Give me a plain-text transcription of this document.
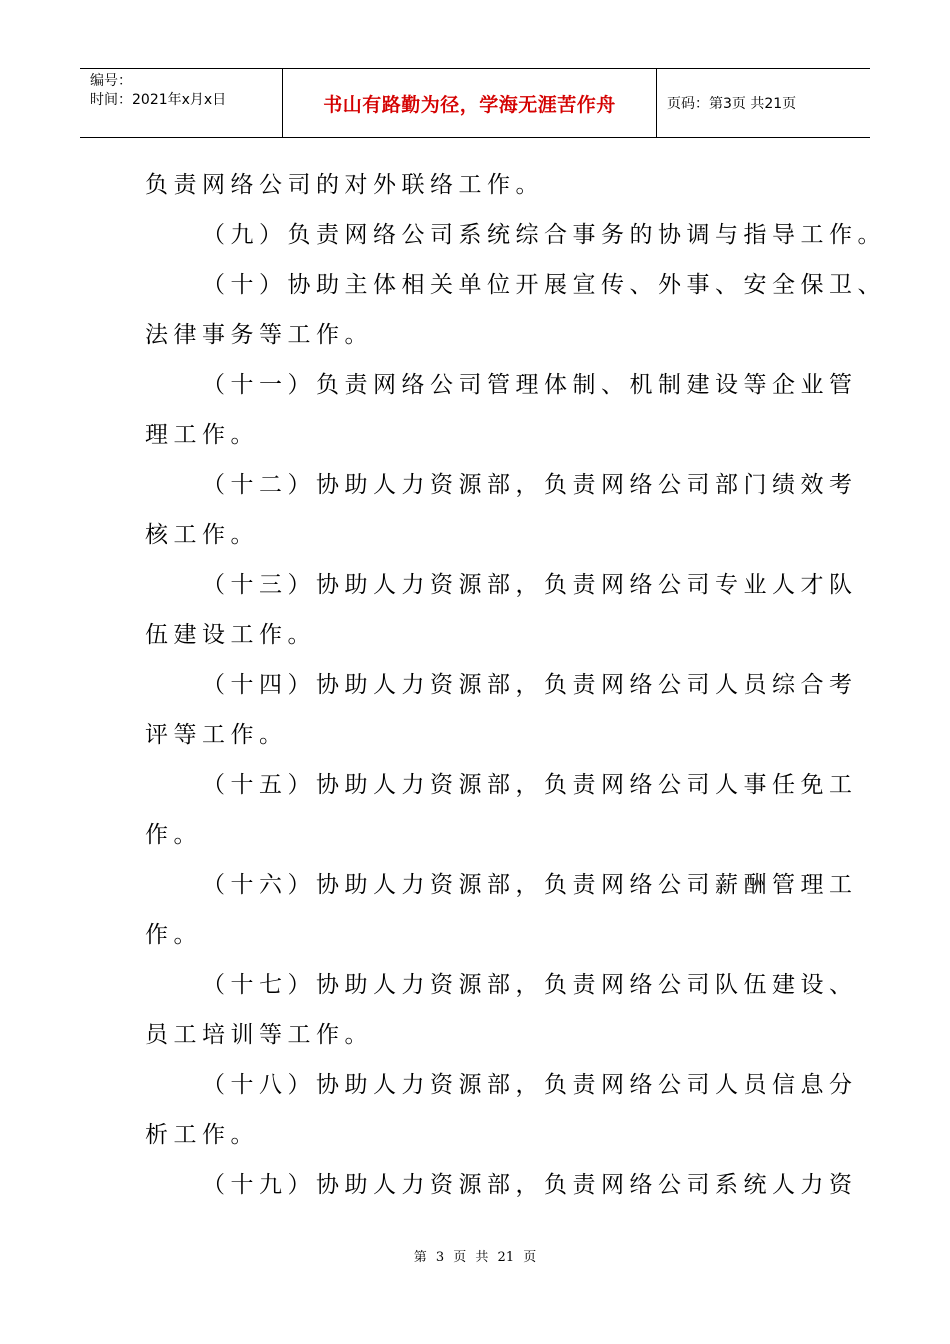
编号：
时间： 2021年x月x日	书山有路勤为径，学海无涯苦作舟	页码：第3页 共21页
负责网络公司的对外联络工作。
（九）负责网络公司系统综合事务的协调与指导工作。
（十）协助主体相关单位开展宣传、外事、安全保卫、
法律事务等工作。
（十一）负责网络公司管理体制、机制建设等企业管
理工作。
（十二）协助人力资源部，负责网络公司部门绩效考
核工作。
（十三）协助人力资源部，负责网络公司专业人才队
伍建设工作。
（十四）协助人力资源部，负责网络公司人员综合考
评等工作。
（十五）协助人力资源部，负责网络公司人事任免工
作。
（十六）协助人力资源部，负责网络公司薪酬管理工
作。
（十七）协助人力资源部，负责网络公司队伍建设、
员工培训等工作。
（十八）协助人力资源部，负责网络公司人员信息分
析工作。
（十九）协助人力资源部，负责网络公司系统人力资
第 3 页 共 21 页
